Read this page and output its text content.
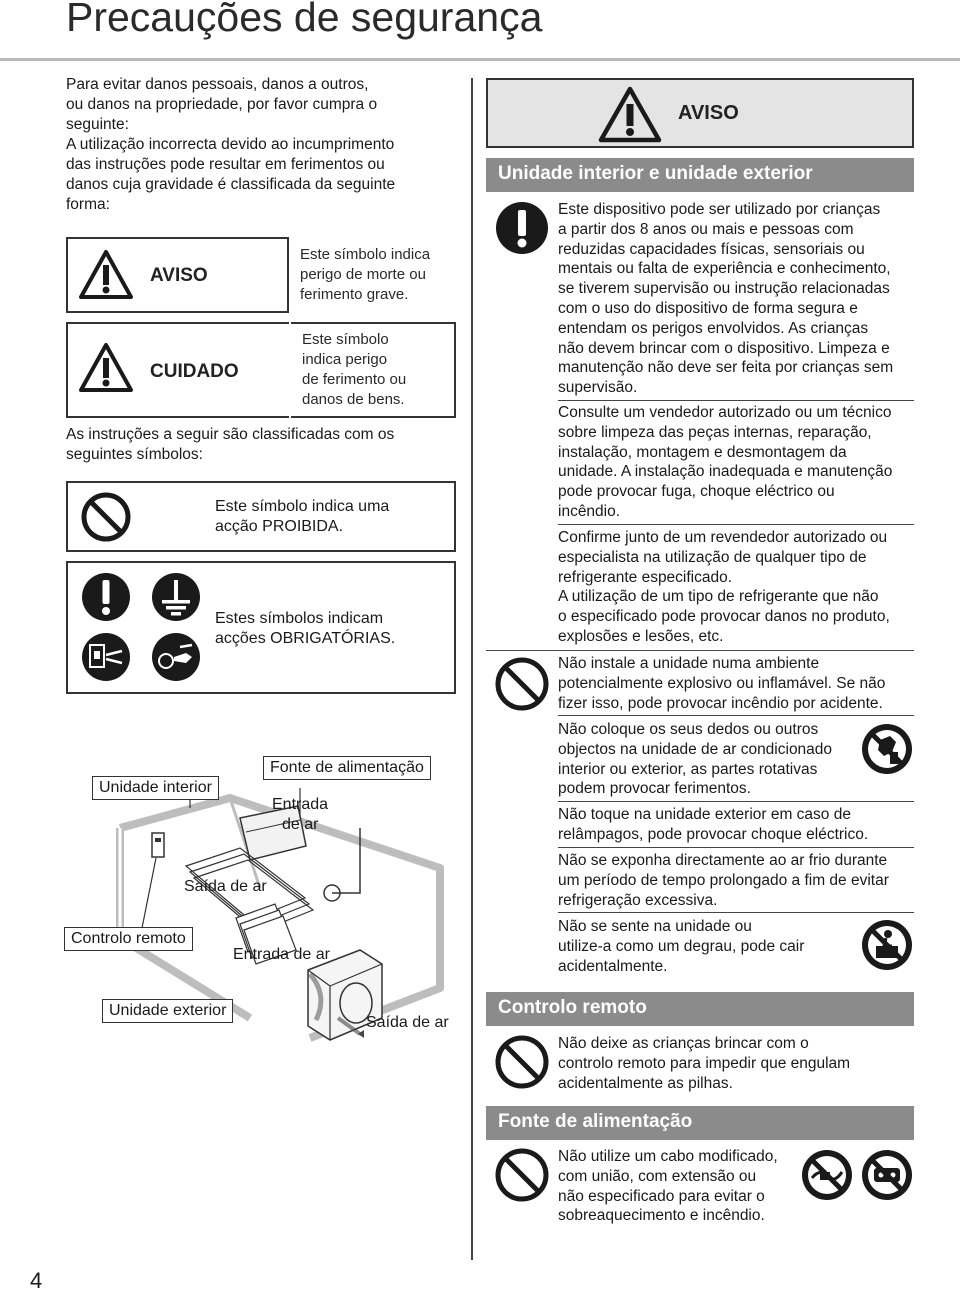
Precauções de segurança
Para evitar danos pessoais, danos a outros,
ou danos na propriedade, por favor cumpra o
seguinte:
A utilização incorrecta devido ao incumprimento
das instruções pode resultar em ferimentos ou
danos cuja gravidade é classificada da seguinte
forma:
AVISO
Este símbolo indica
perigo de morte ou
ferimento grave.
CUIDADO
Este símbolo
indica perigo
de ferimento ou
danos de bens.
As instruções a seguir são classificadas com os
seguintes símbolos:
Este símbolo indica uma
acção PROIBIDA.
Estes símbolos indicam
acções OBRIGATÓRIAS.
Unidade interior
Fonte de alimentação
Entrada
de ar
Saída de ar
Controlo remoto
Entrada de ar
Unidade exterior
Saída de ar
AVISO
Unidade interior e unidade exterior
Este dispositivo pode ser utilizado por crianças
a partir dos 8 anos ou mais e pessoas com
reduzidas capacidades físicas, sensoriais ou
mentais ou falta de experiência e conhecimento,
se tiverem supervisão ou instrução relacionadas
com o uso do dispositivo de forma segura e
entendam os perigos envolvidos. As crianças
não devem brincar com o dispositivo. Limpeza e
manutenção não deve ser feita por crianças sem
supervisão.
Consulte um vendedor autorizado ou um técnico
sobre limpeza das peças internas, reparação,
instalação, montagem e desmontagem da
unidade. A instalação inadequada e manutenção
pode provocar fuga, choque eléctrico ou
incêndio.
Confirme junto de um revendedor autorizado ou
especialista na utilização de qualquer tipo de
refrigerante especificado.
A utilização de um tipo de refrigerante que não
o especificado pode provocar danos no produto,
explosões e lesões, etc.
Não instale a unidade numa ambiente
potencialmente explosivo ou inflamável. Se não
fizer isso, pode provocar incêndio por acidente.
Não coloque os seus dedos ou outros
objectos na unidade de ar condicionado
interior ou exterior, as partes rotativas
podem provocar ferimentos.
Não toque na unidade exterior em caso de
relâmpagos, pode provocar choque eléctrico.
Não se exponha directamente ao ar frio durante
um período de tempo prolongado a fim de evitar
refrigeração excessiva.
Não se sente na unidade ou
utilize-a como um degrau, pode cair
acidentalmente.
Controlo remoto
Não deixe as crianças brincar com o
controlo remoto para impedir que engulam
acidentalmente as pilhas.
Fonte de alimentação
Não utilize um cabo modificado,
com união, com extensão ou
não especificado para evitar o
sobreaquecimento e incêndio.
4
